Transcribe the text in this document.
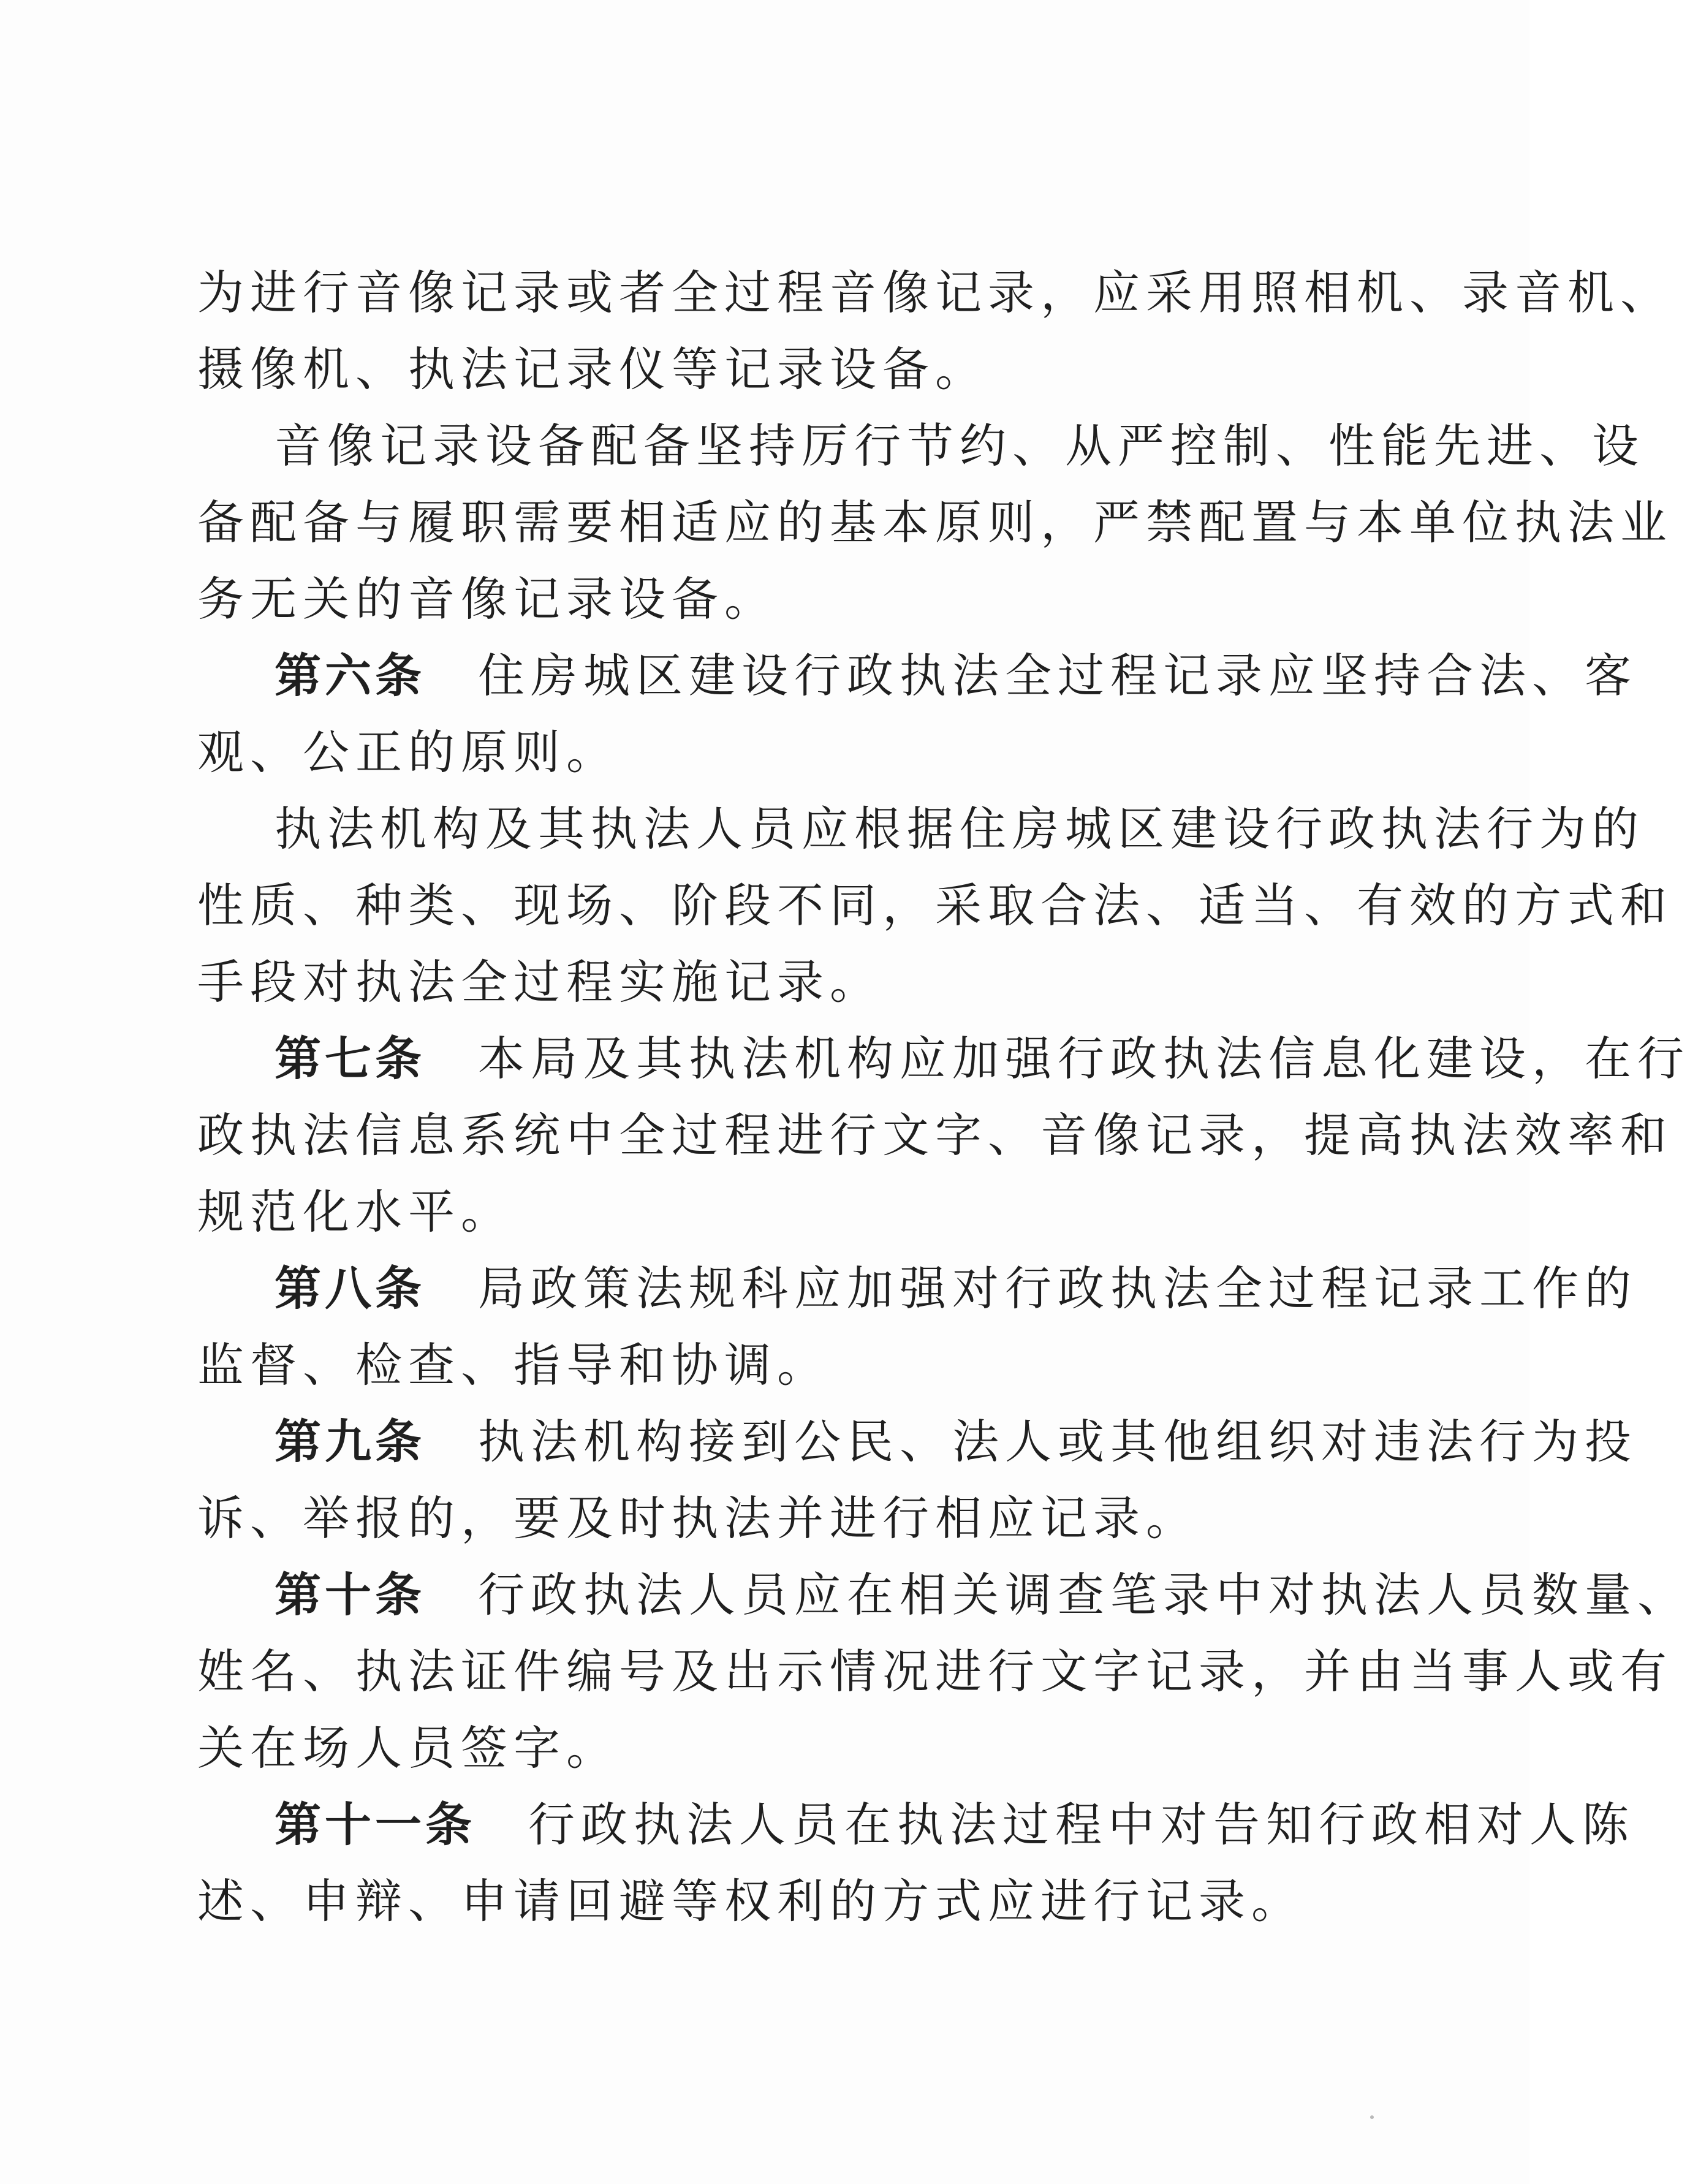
为进行音像记录或者全过程音像记录，应采用照相机、录音机、
摄像机、执法记录仪等记录设备。
音像记录设备配备坚持厉行节约、从严控制、性能先进、设
备配备与履职需要相适应的基本原则，严禁配置与本单位执法业
务无关的音像记录设备。
第六条  住房城区建设行政执法全过程记录应坚持合法、客
观、公正的原则。
执法机构及其执法人员应根据住房城区建设行政执法行为的
性质、种类、现场、阶段不同，采取合法、适当、有效的方式和
手段对执法全过程实施记录。
第七条  本局及其执法机构应加强行政执法信息化建设，在行
政执法信息系统中全过程进行文字、音像记录，提高执法效率和
规范化水平。
第八条  局政策法规科应加强对行政执法全过程记录工作的
监督、检查、指导和协调。
第九条  执法机构接到公民、法人或其他组织对违法行为投
诉、举报的，要及时执法并进行相应记录。
第十条  行政执法人员应在相关调查笔录中对执法人员数量、
姓名、执法证件编号及出示情况进行文字记录，并由当事人或有
关在场人员签字。
第十一条  行政执法人员在执法过程中对告知行政相对人陈
述、申辩、申请回避等权利的方式应进行记录。
